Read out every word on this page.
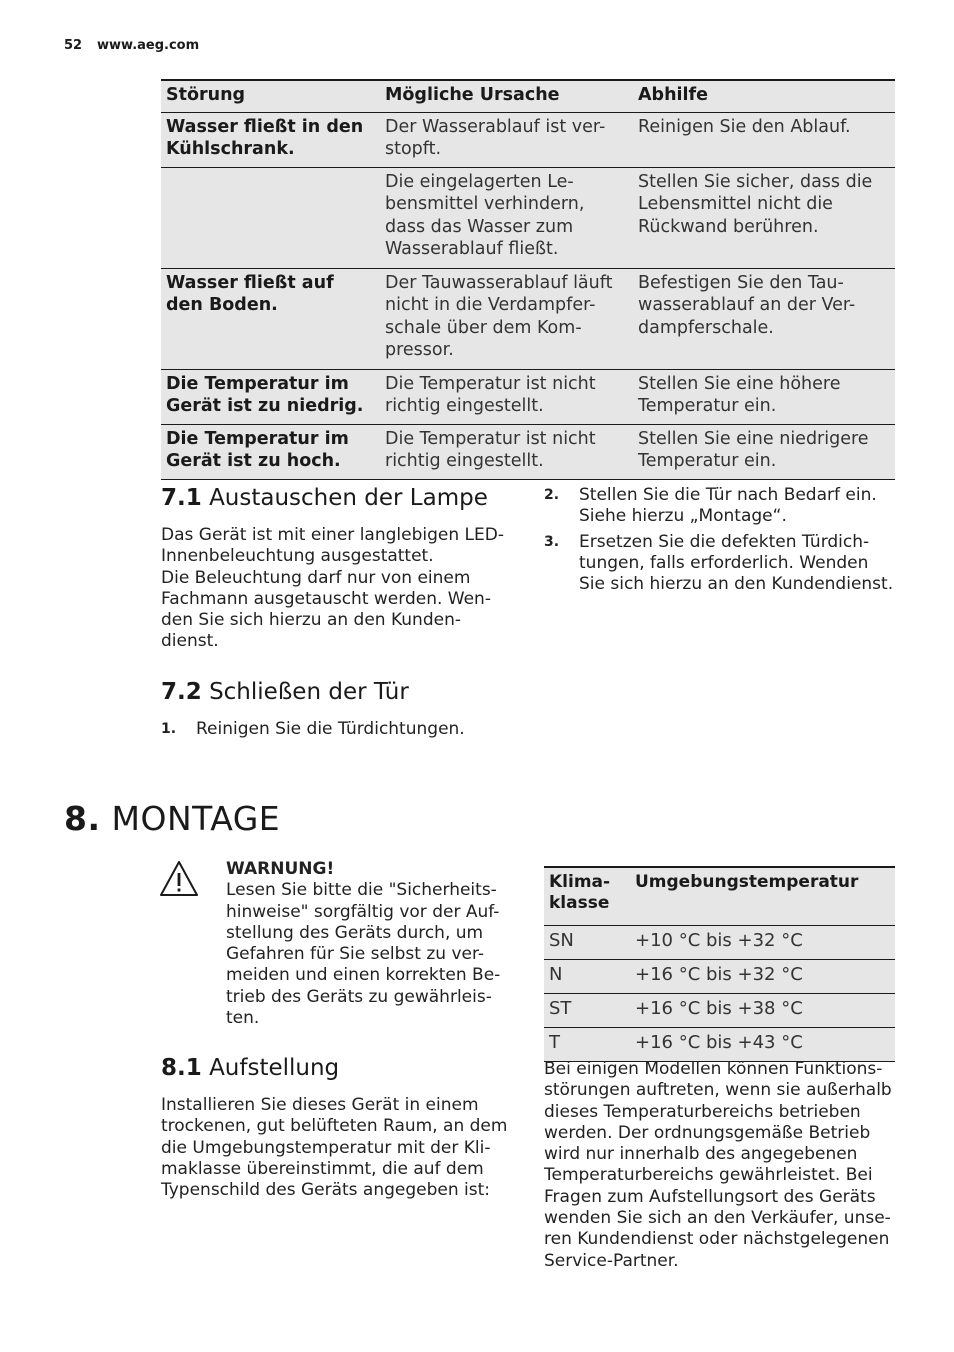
52 www.aeg.com
Störung	Mögliche Ursache	Abhilfe
Wasser fließt in den Kühlschrank.	Der Wasserablauf ist ver-stopft.	Reinigen Sie den Ablauf.
	Die eingelagerten Le-bensmittel verhindern, dass das Wasser zum Wasserablauf fließt.	Stellen Sie sicher, dass die Lebensmittel nicht die Rückwand berühren.
Wasser fließt auf den Boden.	Der Tauwasserablauf läuft nicht in die Verdampfer-schale über dem Kom-pressor.	Befestigen Sie den Tau-wasserablauf an der Ver-dampferschale.
Die Temperatur im Gerät ist zu niedrig.	Die Temperatur ist nicht richtig eingestellt.	Stellen Sie eine höhere Temperatur ein.
Die Temperatur im Gerät ist zu hoch.	Die Temperatur ist nicht richtig eingestellt.	Stellen Sie eine niedrigere Temperatur ein.
7.1 Austauschen der Lampe

Das Gerät ist mit einer langlebigen LED-Innenbeleuchtung ausgestattet.

Die Beleuchtung darf nur von einem Fachmann ausgetauscht werden. Wen-den Sie sich hierzu an den Kunden-dienst.

2.	Stellen Sie die Tür nach Bedarf ein. Siehe hierzu „Montage“.
3.	Ersetzen Sie die defekten Türdich-tungen, falls erforderlich. Wenden Sie sich hierzu an den Kundendienst.
7.2 Schließen der Tür
1.	Reinigen Sie die Türdichtungen.
8. MONTAGE

WARNUNG!

Lesen Sie bitte die "Sicherheits-hinweise" sorgfältig vor der Auf-stellung des Geräts durch, um Gefahren für Sie selbst zu ver-meiden und einen korrekten Be-trieb des Geräts zu gewährleis-ten.

8.1 Aufstellung

Installieren Sie dieses Gerät in einem trockenen, gut belüfteten Raum, an dem die Umgebungstemperatur mit der Kli-maklasse übereinstimmt, die auf dem Typenschild des Geräts angegeben ist:

Klima-klasse	Umgebungstemperatur
SN	+10 °C bis +32 °C
N	+16 °C bis +32 °C
ST	+16 °C bis +38 °C
T	+16 °C bis +43 °C

Bei einigen Modellen können Funktions-störungen auftreten, wenn sie außerhalb dieses Temperaturbereichs betrieben werden. Der ordnungsgemäße Betrieb wird nur innerhalb des angegebenen Temperaturbereichs gewährleistet. Bei Fragen zum Aufstellungsort des Geräts wenden Sie sich an den Verkäufer, unse-ren Kundendienst oder nächstgelegenen Service-Partner.
